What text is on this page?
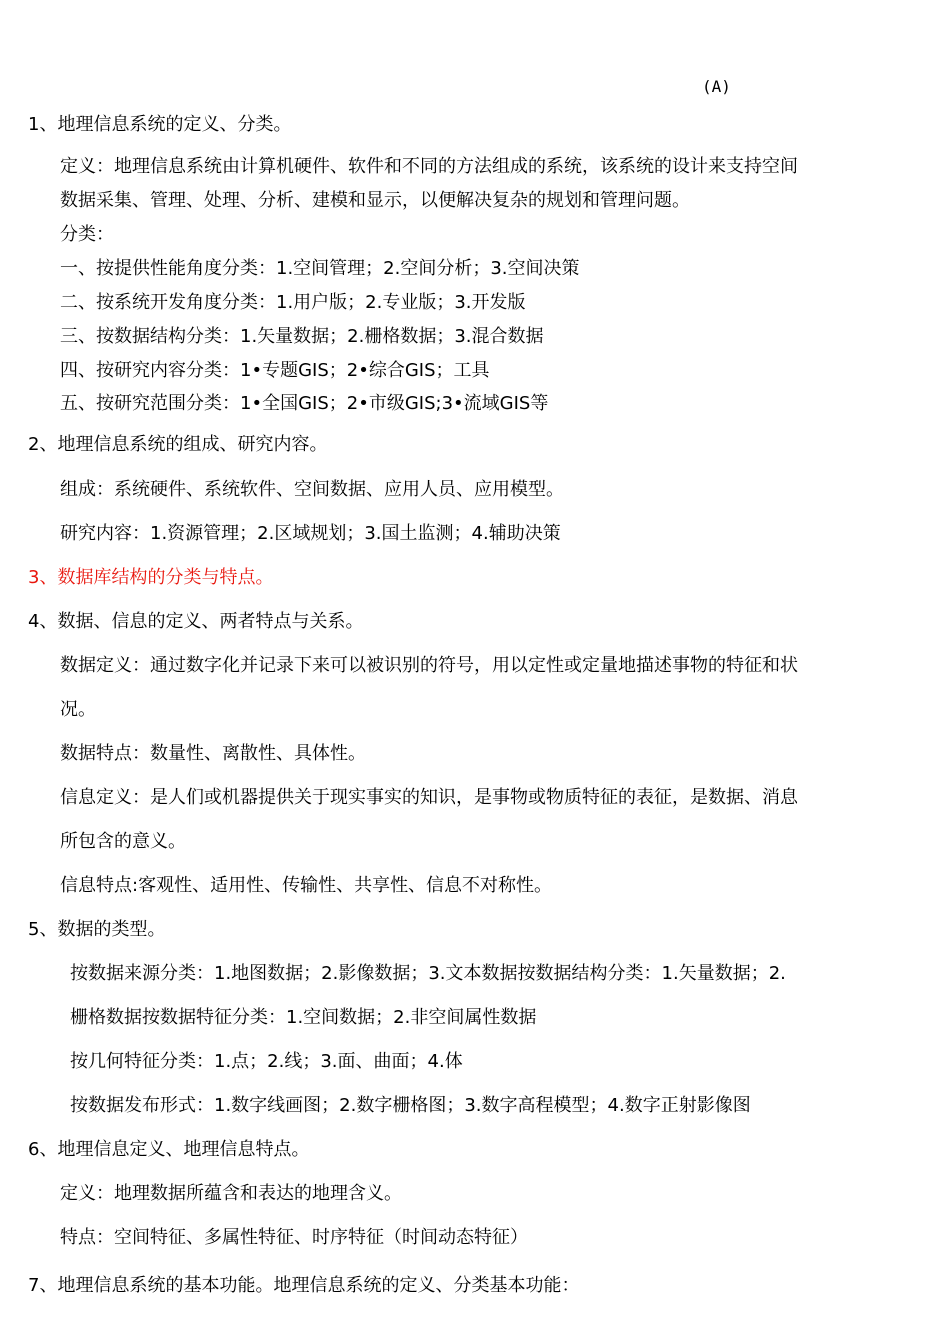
(A)
1、地理信息系统的定义、分类。
定义：地理信息系统由计算机硬件、软件和不同的方法组成的系统，该系统的设计来支持空间
数据采集、管理、处理、分析、建模和显示，以便解决复杂的规划和管理问题。
分类：
一、按提供性能角度分类：1.空间管理；2.空间分析；3.空间决策
二、按系统开发角度分类：1.用户版；2.专业版；3.开发版
三、按数据结构分类：1.矢量数据；2.栅格数据；3.混合数据
四、按研究内容分类：1•专题GIS；2•综合GIS；工具
五、按研究范围分类：1•全国GIS；2•市级GIS;3•流域GIS等
2、地理信息系统的组成、研究内容。
组成：系统硬件、系统软件、空间数据、应用人员、应用模型。
研究内容：1.资源管理；2.区域规划；3.国土监测；4.辅助决策
3、数据库结构的分类与特点。
4、数据、信息的定义、两者特点与关系。
数据定义：通过数字化并记录下来可以被识别的符号，用以定性或定量地描述事物的特征和状
况。
数据特点：数量性、离散性、具体性。
信息定义：是人们或机器提供关于现实事实的知识，是事物或物质特征的表征，是数据、消息
所包含的意义。
信息特点:客观性、适用性、传输性、共享性、信息不对称性。
5、数据的类型。
按数据来源分类：1.地图数据；2.影像数据；3.文本数据按数据结构分类：1.矢量数据；2.
栅格数据按数据特征分类：1.空间数据；2.非空间属性数据
按几何特征分类：1.点；2.线；3.面、曲面；4.体
按数据发布形式：1.数字线画图；2.数字栅格图；3.数字高程模型；4.数字正射影像图
6、地理信息定义、地理信息特点。
定义：地理数据所蕴含和表达的地理含义。
特点：空间特征、多属性特征、时序特征（时间动态特征）
7、地理信息系统的基本功能。地理信息系统的定义、分类基本功能：
